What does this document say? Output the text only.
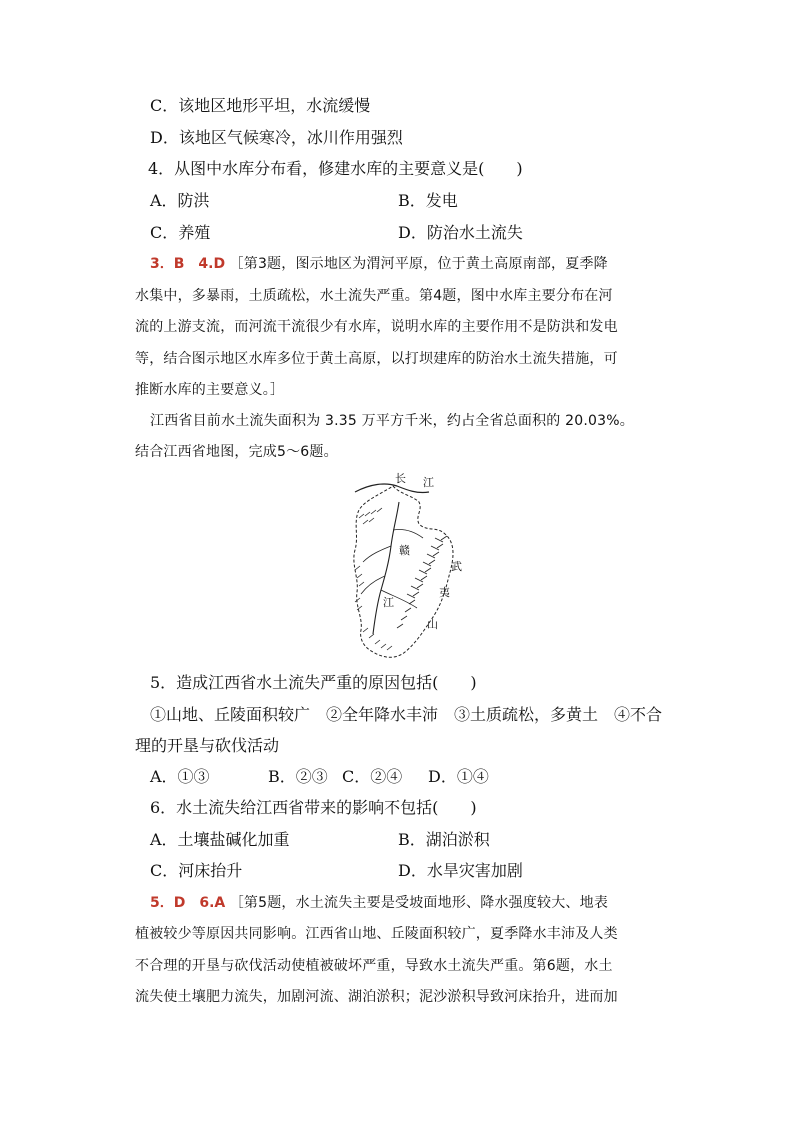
C．该地区地形平坦，水流缓慢
D．该地区气候寒冷，冰川作用强烈
4．从图中水库分布看，修建水库的主要意义是(　　)
A．防洪	B．发电
C．养殖	D．防治水土流失
3．B　4.D ［第3题，图示地区为渭河平原，位于黄土高原南部，夏季降
水集中，多暴雨，土质疏松，水土流失严重。第4题，图中水库主要分布在河
流的上游支流，而河流干流很少有水库，说明水库的主要作用不是防洪和发电
等，结合图示地区水库多位于黄土高原，以打坝建库的防治水土流失措施，可
推断水库的主要意义。］
江西省目前水土流失面积为 3.35 万平方千米，约占全省总面积的 20.03%。
结合江西省地图，完成5～6题。
长 江
赣
武
江
夷
山
5．造成江西省水土流失严重的原因包括(　　)
①山地、丘陵面积较广　②全年降水丰沛　③土质疏松，多黄土　④不合
理的开垦与砍伐活动
A．①③	B．②③ C．②④ D．①④
6．水土流失给江西省带来的影响不包括(　　)
A．土壤盐碱化加重	B．湖泊淤积
C．河床抬升	D．水旱灾害加剧
5．D　6.A ［第5题，水土流失主要是受坡面地形、降水强度较大、地表
植被较少等原因共同影响。江西省山地、丘陵面积较广，夏季降水丰沛及人类
不合理的开垦与砍伐活动使植被破坏严重，导致水土流失严重。第6题，水土
流失使土壤肥力流失，加剧河流、湖泊淤积；泥沙淤积导致河床抬升，进而加
